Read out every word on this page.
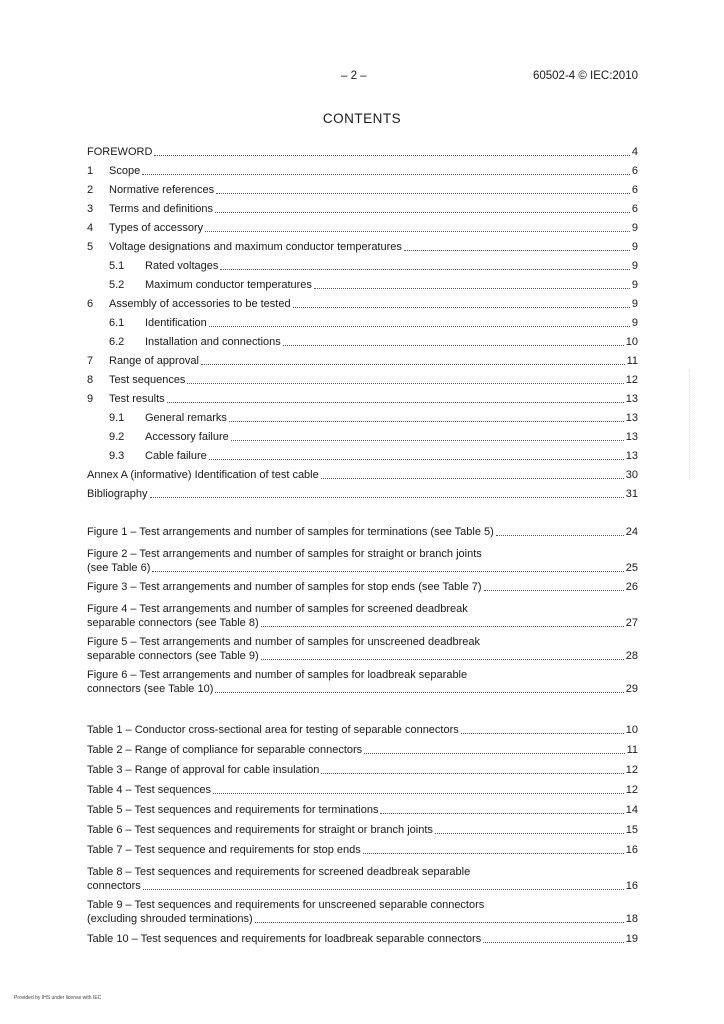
– 2 –	60502-4 © IEC:2010
CONTENTS
FOREWORD	4
1	Scope	6
2	Normative references	6
3	Terms and definitions	6
4	Types of accessory	9
5	Voltage designations and maximum conductor temperatures	9
5.1	Rated voltages	9
5.2	Maximum conductor temperatures	9
6	Assembly of accessories to be tested	9
6.1	Identification	9
6.2	Installation and connections	10
7	Range of approval	11
8	Test sequences	12
9	Test results	13
9.1	General remarks	13
9.2	Accessory failure	13
9.3	Cable failure	13
Annex A (informative) Identification of test cable	30
Bibliography	31
Figure 1 – Test arrangements and number of samples for terminations (see Table 5)	24
Figure 2 – Test arrangements and number of samples for straight or branch joints
(see Table 6)	25
Figure 3 – Test arrangements and number of samples for stop ends (see Table 7)	26
Figure 4 – Test arrangements and number of samples for screened deadbreak
separable connectors (see Table 8)	27
Figure 5 – Test arrangements and number of samples for unscreened deadbreak
separable connectors (see Table 9)	28
Figure 6 – Test arrangements and number of samples for loadbreak separable
connectors (see Table 10)	29
Table 1 – Conductor cross-sectional area for testing of separable connectors	10
Table 2 – Range of compliance for separable connectors	11
Table 3 – Range of approval for cable insulation	12
Table 4 – Test sequences	12
Table 5 – Test sequences and requirements for terminations	14
Table 6 – Test sequences and requirements for straight or branch joints	15
Table 7 – Test sequence and requirements for stop ends	16
Table 8 – Test sequences and requirements for screened deadbreak separable
connectors	16
Table 9 – Test sequences and requirements for unscreened separable connectors
(excluding shrouded terminations)	18
Table 10 – Test sequences and requirements for loadbreak separable connectors	19
Provided by IHS under license with IEC
